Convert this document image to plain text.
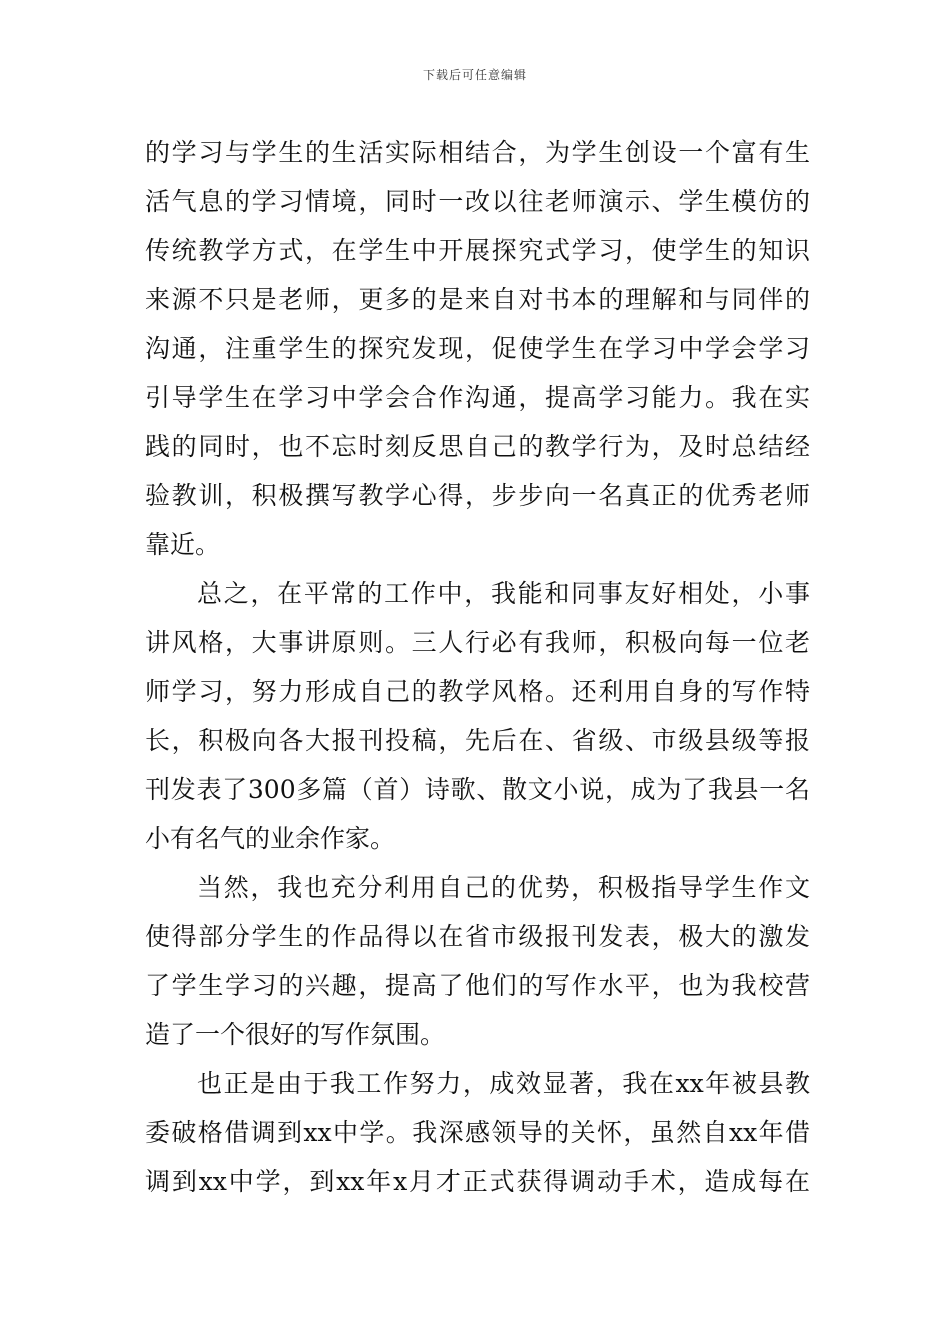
下载后可任意编辑
的学习与学生的生活实际相结合，为学生创设一个富有生
活气息的学习情境，同时一改以往老师演示、学生模仿的
传统教学方式，在学生中开展探究式学习，使学生的知识
来源不只是老师，更多的是来自对书本的理解和与同伴的
沟通，注重学生的探究发现，促使学生在学习中学会学习
引导学生在学习中学会合作沟通，提高学习能力。我在实
践的同时，也不忘时刻反思自己的教学行为，及时总结经
验教训，积极撰写教学心得，步步向一名真正的优秀老师
靠近。
总之，在平常的工作中，我能和同事友好相处，小事
讲风格，大事讲原则。三人行必有我师，积极向每一位老
师学习，努力形成自己的教学风格。还利用自身的写作特
长，积极向各大报刊投稿，先后在、省级、市级县级等报
刊发表了300多篇（首）诗歌、散文小说，成为了我县一名
小有名气的业余作家。
当然，我也充分利用自己的优势，积极指导学生作文
使得部分学生的作品得以在省市级报刊发表，极大的激发
了学生学习的兴趣，提高了他们的写作水平，也为我校营
造了一个很好的写作氛围。
也正是由于我工作努力，成效显著，我在xx年被县教
委破格借调到xx中学。我深感领导的关怀，虽然自xx年借
调到xx中学，到xx年x月才正式获得调动手术，造成每在
